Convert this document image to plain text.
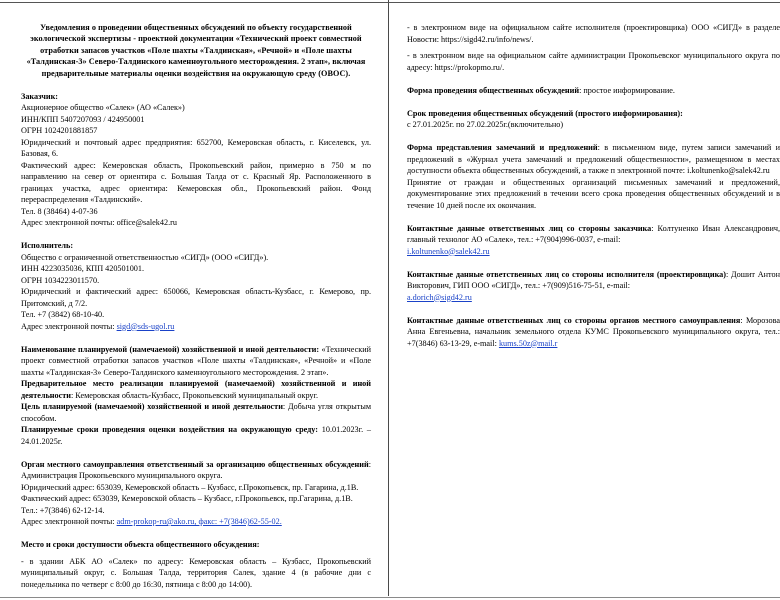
Уведомления о проведении общественных обсуждений по объекту государственной экологической экспертизы - проектной документации «Технический проект совместной отработки запасов участков «Поле шахты «Талдинская», «Речной» и «Поле шахты «Талдинская-3» Северо-Талдинского каменноугольного месторождения. 2 этап», включая предварительные материалы оценки воздействия на окружающую среду (ОВОС).

Заказчик:

Акционерное общество «Салек» (АО «Салек»)

ИНН/КПП 5407207093 / 424950001

ОГРН 1024201881857

Юридический и почтовый адрес предприятия: 652700, Кемеровская область, г. Киселевск, ул. Базовая, 6.

Фактический адрес: Кемеровская область, Прокопьевский район, примерно в 750 м по направлению на север от ориентира с. Большая Талда от с. Красный Яр. Расположенного в границах участка, адрес ориентира: Кемеровская обл., Прокопьевский район. Фонд перераспределения «Талдинский».

Тел. 8 (38464) 4-07-36

Адрес электронной почты: office@salek42.ru

Исполнитель:

Общество с ограниченной ответственностью «СИГД» (ООО «СИГД»).

ИНН 4223035036, КПП 420501001.

ОГРН 1034223011570.

Юридический и фактический адрес: 650066, Кемеровская область-Кузбасс, г. Кемерово, пр. Притомский, д 7/2.

Тел. +7 (3842) 68-10-40.

Адрес электронной почты: sigd@sds-ugol.ru

Наименование планируемой (намечаемой) хозяйственной и иной деятельности: «Технический проект совместной отработки запасов участков «Поле шахты «Талдинская», «Речной» и «Поле шахты «Талдинская-3» Северо-Талдинского каменноугольного месторождения. 2 этап».

Предварительное место реализации планируемой (намечаемой) хозяйственной и иной деятельности: Кемеровская область-Кузбасс, Прокопьевский муниципальный округ.

Цель планируемой (намечаемой) хозяйственной и иной деятельности: Добыча угля открытым способом.

Планируемые сроки проведения оценки воздействия на окружающую среду: 10.01.2023г. – 24.01.2025г.

Орган местного самоуправления ответственный за организацию общественных обсуждений: Администрация Прокопьевского муниципального округа.

Юридический адрес: 653039, Кемеровской область – Кузбасс, г.Прокопьевск, пр. Гагарина, д.1В.

Фактический адрес: 653039, Кемеровской область – Кузбасс, г.Прокопьевск, пр.Гагарина, д.1В.

Тел.: +7(3846) 62-12-14.

Адрес электронной почты: adm-prokop-ru@ako.ru, факс: +7(3846)62-55-02.

Место и сроки доступности объекта общественного обсуждения:

- в здании АБК АО «Салек» по адресу: Кемеровская область – Кузбасс, Прокопьевский муниципальный округ, с. Большая Талда, территория Салек, здание 4 (в рабочие дни с понедельника по четверг с 8:00 до 16:30, пятница с 8:00 до 14:00).

- в электронном виде на официальном сайте исполнителя (проектировщика) ООО «СИГД» в разделе Новости: https://sigd42.ru/info/news/.

- в электронном виде на официальном сайте администрации Прокопьевског муниципального округа по адресу: https://prokopmo.ru/.

Форма проведения общественных обсуждений: простое информирование.

Срок проведения общественных обсуждений (простого информирования):

с 27.01.2025г. по 27.02.2025г.(включительно)

Форма представления замечаний и предложений: в письменном виде, путем записи замечаний и предложений в «Журнал учета замечаний и предложений общественности», размещенном в местах доступности объекта общественных обсуждений, а также п электронной почте: i.koltunenko@salek42.ru

Принятие от граждан и общественных организаций письменных замечаний и предложений, документирование этих предложений в течении всего срока проведения общественных обсуждений и в течение 10 дней после их окончания.

Контактные данные ответственных лиц со стороны заказчика: Колтуненко Иван Александрович, главный технолог АО «Салек», тел.: +7(904)996-0037, e-mail:

i.koltunenko@salek42.ru

Контактные данные ответственных лиц со стороны исполнителя (проектировщика): Дошит Антон Викторович, ГИП ООО «СИГД», тел.: +7(909)516-75-51, e-mail:

a.dorich@sigd42.ru

Контактные данные ответственных лиц со стороны органов местного самоуправления: Морозова Анна Евгеньевна, начальник земельного отдела КУМС Прокопьевского муниципального округа, тел.: +7(3846) 63-13-29, e-mail: kums.50z@mail.r
